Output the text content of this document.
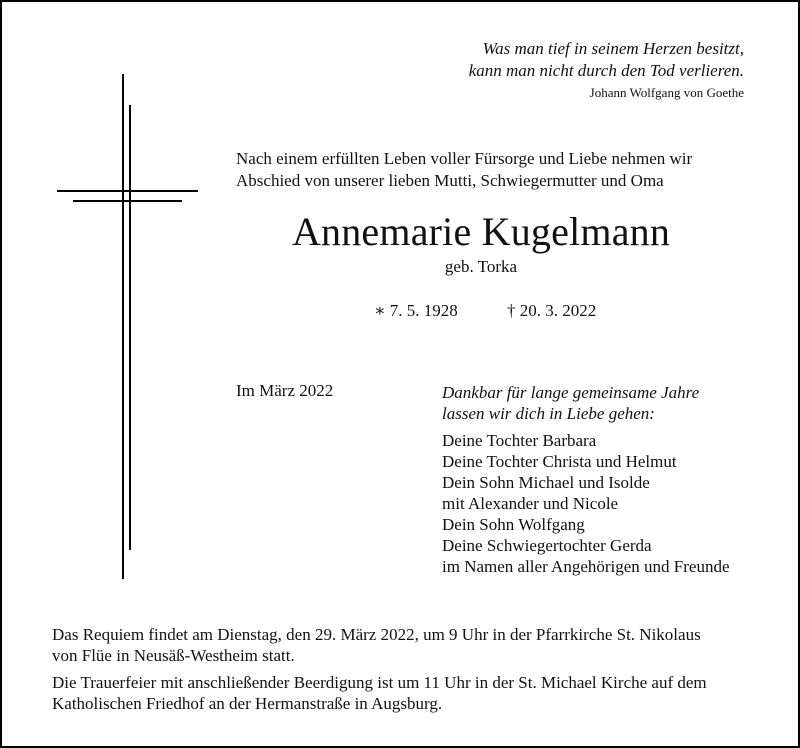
Was man tief in seinem Herzen besitzt,
kann man nicht durch den Tod verlieren.
Johann Wolfgang von Goethe
Nach einem erfüllten Leben voller Fürsorge und Liebe nehmen wir
Abschied von unserer lieben Mutti, Schwiegermutter und Oma
Annemarie Kugelmann
geb. Torka
∗ 7. 5. 1928	† 20. 3. 2022
Im März 2022	Dankbar für lange gemeinsame Jahre
lassen wir dich in Liebe gehen:
Deine Tochter Barbara
Deine Tochter Christa und Helmut
Dein Sohn Michael und Isolde
mit Alexander und Nicole
Dein Sohn Wolfgang
Deine Schwiegertochter Gerda
im Namen aller Angehörigen und Freunde
Das Requiem findet am Dienstag, den 29. März 2022, um 9 Uhr in der Pfarrkirche St. Nikolaus
von Flüe in Neusäß-Westheim statt.
Die Trauerfeier mit anschließender Beerdigung ist um 11 Uhr in der St. Michael Kirche auf dem
Katholischen Friedhof an der Hermanstraße in Augsburg.
